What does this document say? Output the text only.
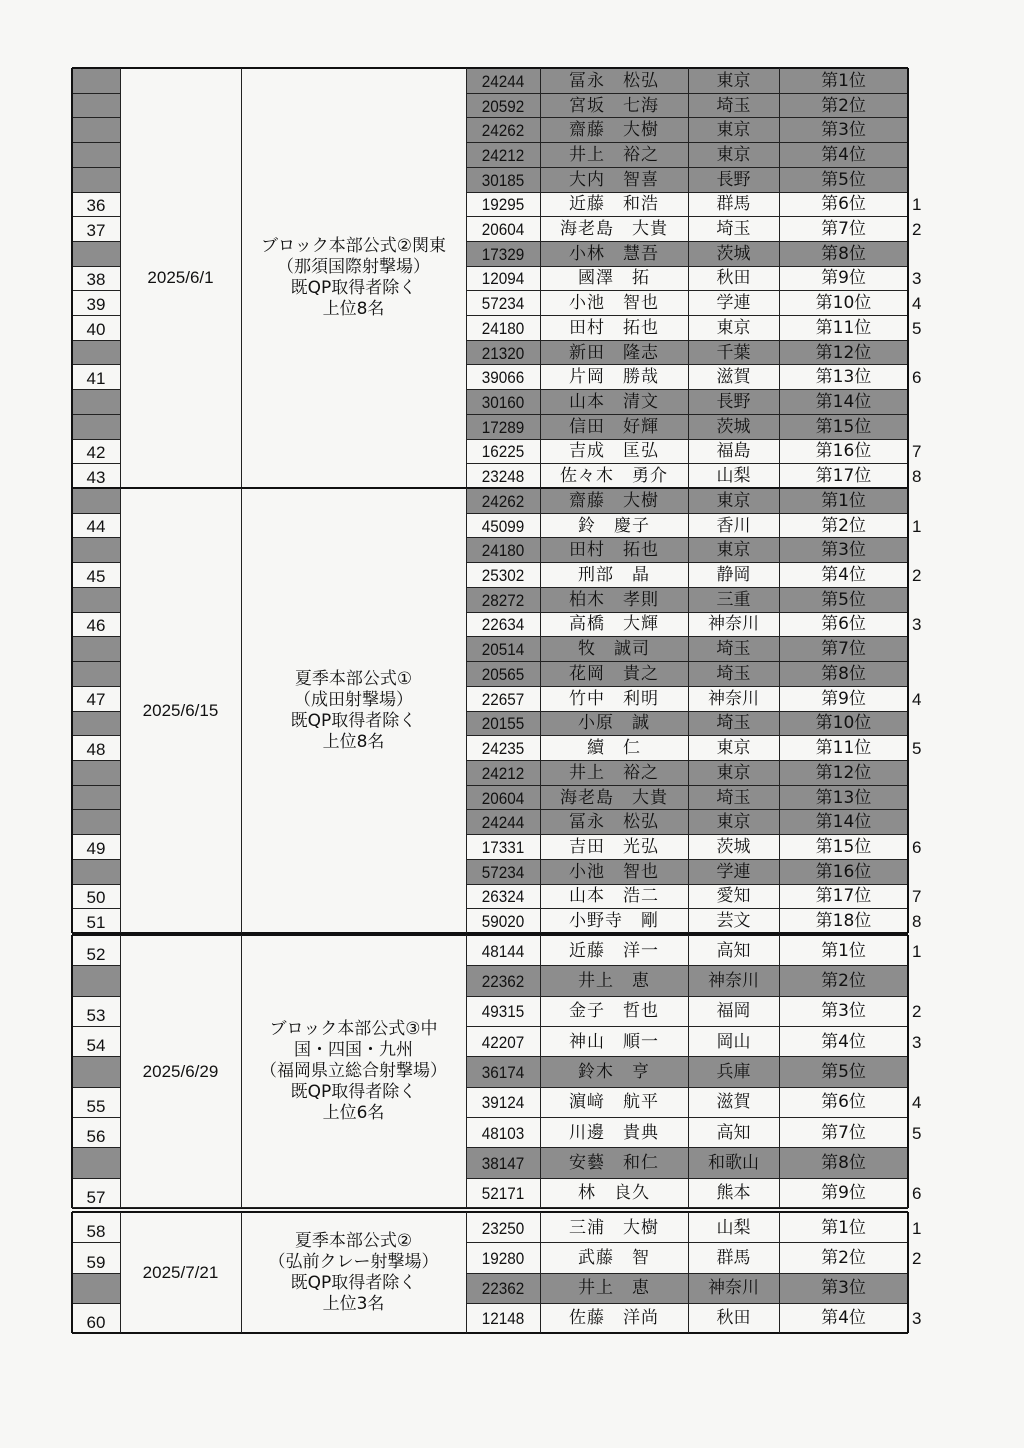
24244	冨永　松弘	東京	第1位
20592	宮坂　七海	埼玉	第2位
24262	齋藤　大樹	東京	第3位
24212	井上　裕之	東京	第4位
30185	大内　智喜	長野	第5位
36	19295	近藤　和浩	群馬	第6位	1
37	20604	海老島　大貴	埼玉	第7位	2
17329	小林　慧吾	茨城	第8位
38	12094	國澤　拓	秋田	第9位	3
39	57234	小池　智也	学連	第10位	4
40	24180	田村　拓也	東京	第11位	5
21320	新田　隆志	千葉	第12位
41	39066	片岡　勝哉	滋賀	第13位	6
30160	山本　清文	長野	第14位
17289	信田　好輝	茨城	第15位
42	16225	吉成　匡弘	福島	第16位	7
43	23248	佐々木　勇介	山梨	第17位	8
2025/6/1
ブロック本部公式②関東
（那須国際射撃場）
既QP取得者除く
上位8名
24262	齋藤　大樹	東京	第1位
44	45099	鈴　慶子	香川	第2位	1
24180	田村　拓也	東京	第3位
45	25302	刑部　晶	静岡	第4位	2
28272	柏木　孝則	三重	第5位
46	22634	高橋　大輝	神奈川	第6位	3
20514	牧　誠司	埼玉	第7位
20565	花岡　貴之	埼玉	第8位
47	22657	竹中　利明	神奈川	第9位	4
20155	小原　誠	埼玉	第10位
48	24235	續　仁	東京	第11位	5
24212	井上　裕之	東京	第12位
20604	海老島　大貴	埼玉	第13位
24244	冨永　松弘	東京	第14位
49	17331	吉田　光弘	茨城	第15位	6
57234	小池　智也	学連	第16位
50	26324	山本　浩二	愛知	第17位	7
51	59020	小野寺　剛	芸文	第18位	8
2025/6/15
夏季本部公式①
（成田射撃場）
既QP取得者除く
上位8名
52	48144	近藤　洋一	高知	第1位	1
22362	井上　恵	神奈川	第2位
53	49315	金子　哲也	福岡	第3位	2
54	42207	神山　順一	岡山	第4位	3
36174	鈴木　亨	兵庫	第5位
55	39124	濵﨑　航平	滋賀	第6位	4
56	48103	川邊　貴典	高知	第7位	5
38147	安藝　和仁	和歌山	第8位
57	52171	林　良久	熊本	第9位	6
2025/6/29
ブロック本部公式③中
国・四国・九州
（福岡県立総合射撃場）
既QP取得者除く
上位6名
58	23250	三浦　大樹	山梨	第1位	1
59	19280	武藤　智	群馬	第2位	2
22362	井上　恵	神奈川	第3位
60	12148	佐藤　洋尚	秋田	第4位	3
2025/7/21
夏季本部公式②
（弘前クレー射撃場）
既QP取得者除く
上位3名
